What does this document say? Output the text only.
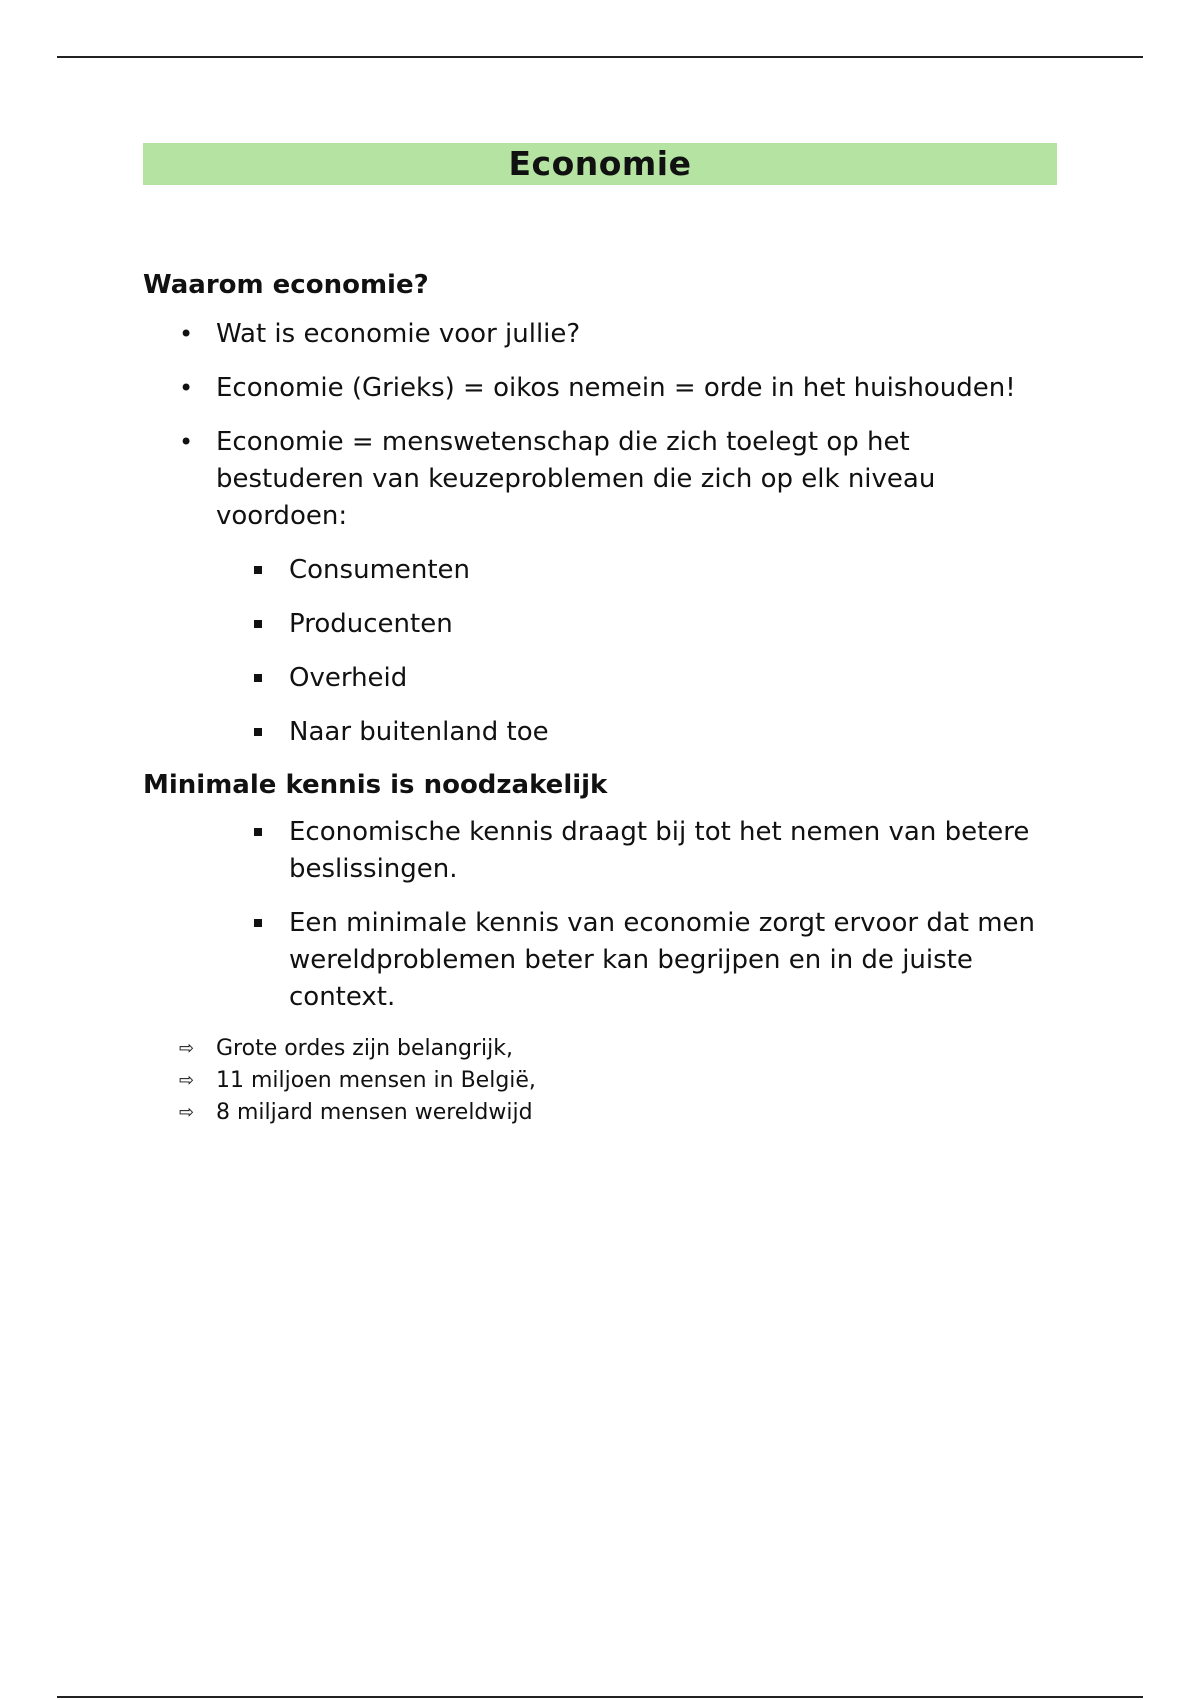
Economie
Waarom economie?
• Wat is economie voor jullie?
• Economie (Grieks) = oikos nemein = orde in het huishouden!
• Economie = menswetenschap die zich toelegt op het bestuderen van keuzeproblemen die zich op elk niveau voordoen:
Consumenten
Producenten
Overheid
Naar buitenland toe
Minimale kennis is noodzakelijk
Economische kennis draagt bij tot het nemen van betere beslissingen.
Een minimale kennis van economie zorgt ervoor dat men wereldproblemen beter kan begrijpen en in de juiste context.
⇨ Grote ordes zijn belangrijk,
⇨ 11 miljoen mensen in België,
⇨ 8 miljard mensen wereldwijd
